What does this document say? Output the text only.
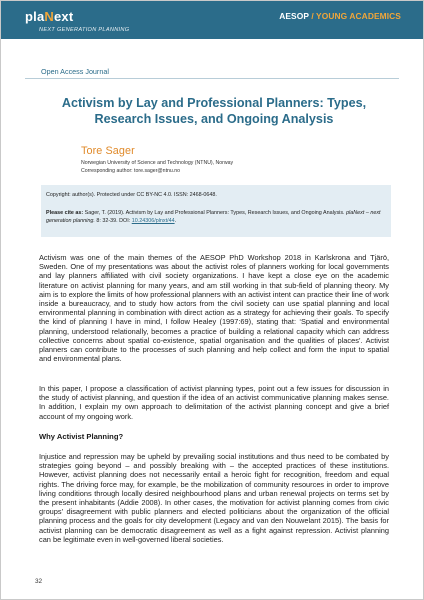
plaNext
NEXT GENERATION PLANNING
AESOP / YOUNG ACADEMICS
Open Access Journal
Activism by Lay and Professional Planners: Types, Research Issues, and Ongoing Analysis
Tore Sager
Norwegian University of Science and Technology (NTNU), Norway
Corresponding author: tore.sager@ntnu.no
Copyright: author(s). Protected under CC BY-NC 4.0. ISSN: 2468-0648.
Please cite as: Sager, T. (2019). Activism by Lay and Professional Planners: Types, Research Issues, and Ongoing Analysis. plaNext – next generation planning. 8: 32-39. DOI: 10.24306/plnxt/44.
Activism was one of the main themes of the AESOP PhD Workshop 2018 in Karlskrona and Tjärö, Sweden. One of my presentations was about the activist roles of planners working for local governments and lay planners affiliated with civil society organizations. I have kept a close eye on the academic literature on activist planning for many years, and am still working in that sub-field of planning theory. My aim is to explore the limits of how professional planners with an activist intent can practice their line of work inside a bureaucracy, and to study how actors from the civil society can use spatial planning and local environmental planning in combination with direct action as a strategy for achieving their goals. To specify the kind of planning I have in mind, I follow Healey (1997:69), stating that: ‘Spatial and environmental planning, understood relationally, becomes a practice of building a relational capacity which can address collective concerns about spatial co-existence, spatial organisation and the qualities of places’. Activist planners can contribute to the processes of such planning and help collect and form the input to spatial and environmental plans.
In this paper, I propose a classification of activist planning types, point out a few issues for discussion in the study of activist planning, and question if the idea of an activist communicative planning makes sense. In addition, I explain my own approach to delimitation of the activist planning concept and give a brief account of my ongoing work.
Why Activist Planning?
Injustice and repression may be upheld by prevailing social institutions and thus need to be combated by strategies going beyond – and possibly breaking with – the accepted practices of these institutions. However, activist planning does not necessarily entail a heroic fight for recognition, freedom and equal rights. The driving force may, for example, be the mobilization of community resources in order to improve living conditions through locally desired neighbourhood plans and urban renewal projects on terms set by the present inhabitants (Addie 2008). In other cases, the motivation for activist planning comes from civic groups’ disagreement with public planners and elected politicians about the organization of the official planning process and the goals for city development (Legacy and van den Nouwelant 2015). The basis for activist planning can be democratic disagreement as well as a fight against repression. Activist planning can be legitimate even in well-governed liberal societies.
32
